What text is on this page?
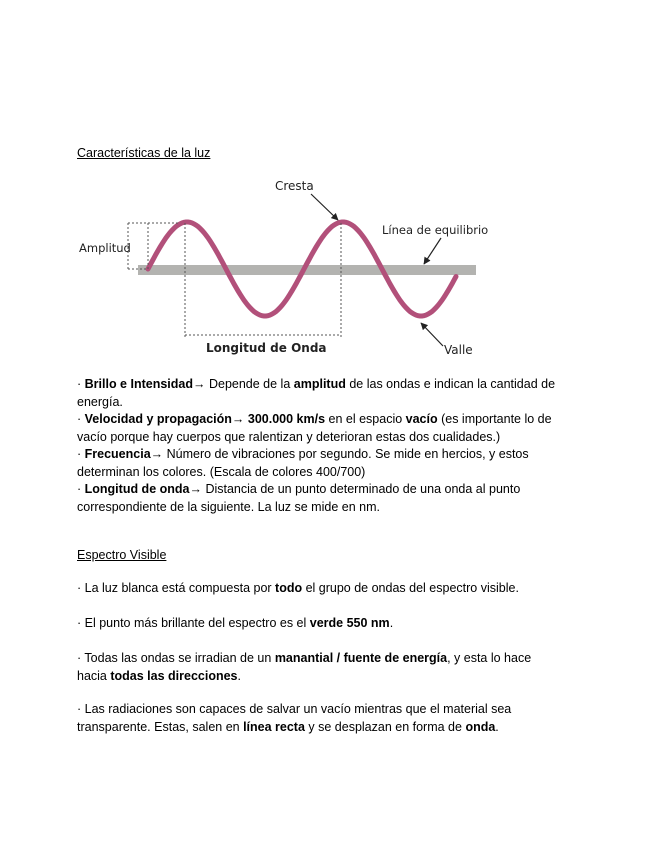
Características de la luz
Cresta
Línea de equilibrio
Amplitud
Longitud de Onda	Valle
· Brillo e Intensidad→ Depende de la amplitud de las ondas e indican la cantidad de
energía.
· Velocidad y propagación→ 300.000 km/s en el espacio vacío (es importante lo de
vacío porque hay cuerpos que ralentizan y deterioran estas dos cualidades.)
· Frecuencia→ Número de vibraciones por segundo. Se mide en hercios, y estos
determinan los colores. (Escala de colores 400/700)
· Longitud de onda→ Distancia de un punto determinado de una onda al punto
correspondiente de la siguiente. La luz se mide en nm.
Espectro Visible
· La luz blanca está compuesta por todo el grupo de ondas del espectro visible.
· El punto más brillante del espectro es el verde 550 nm.
· Todas las ondas se irradian de un manantial / fuente de energía, y esta lo hace
hacia todas las direcciones.
· Las radiaciones son capaces de salvar un vacío mientras que el material sea
transparente. Estas, salen en línea recta y se desplazan en forma de onda.
